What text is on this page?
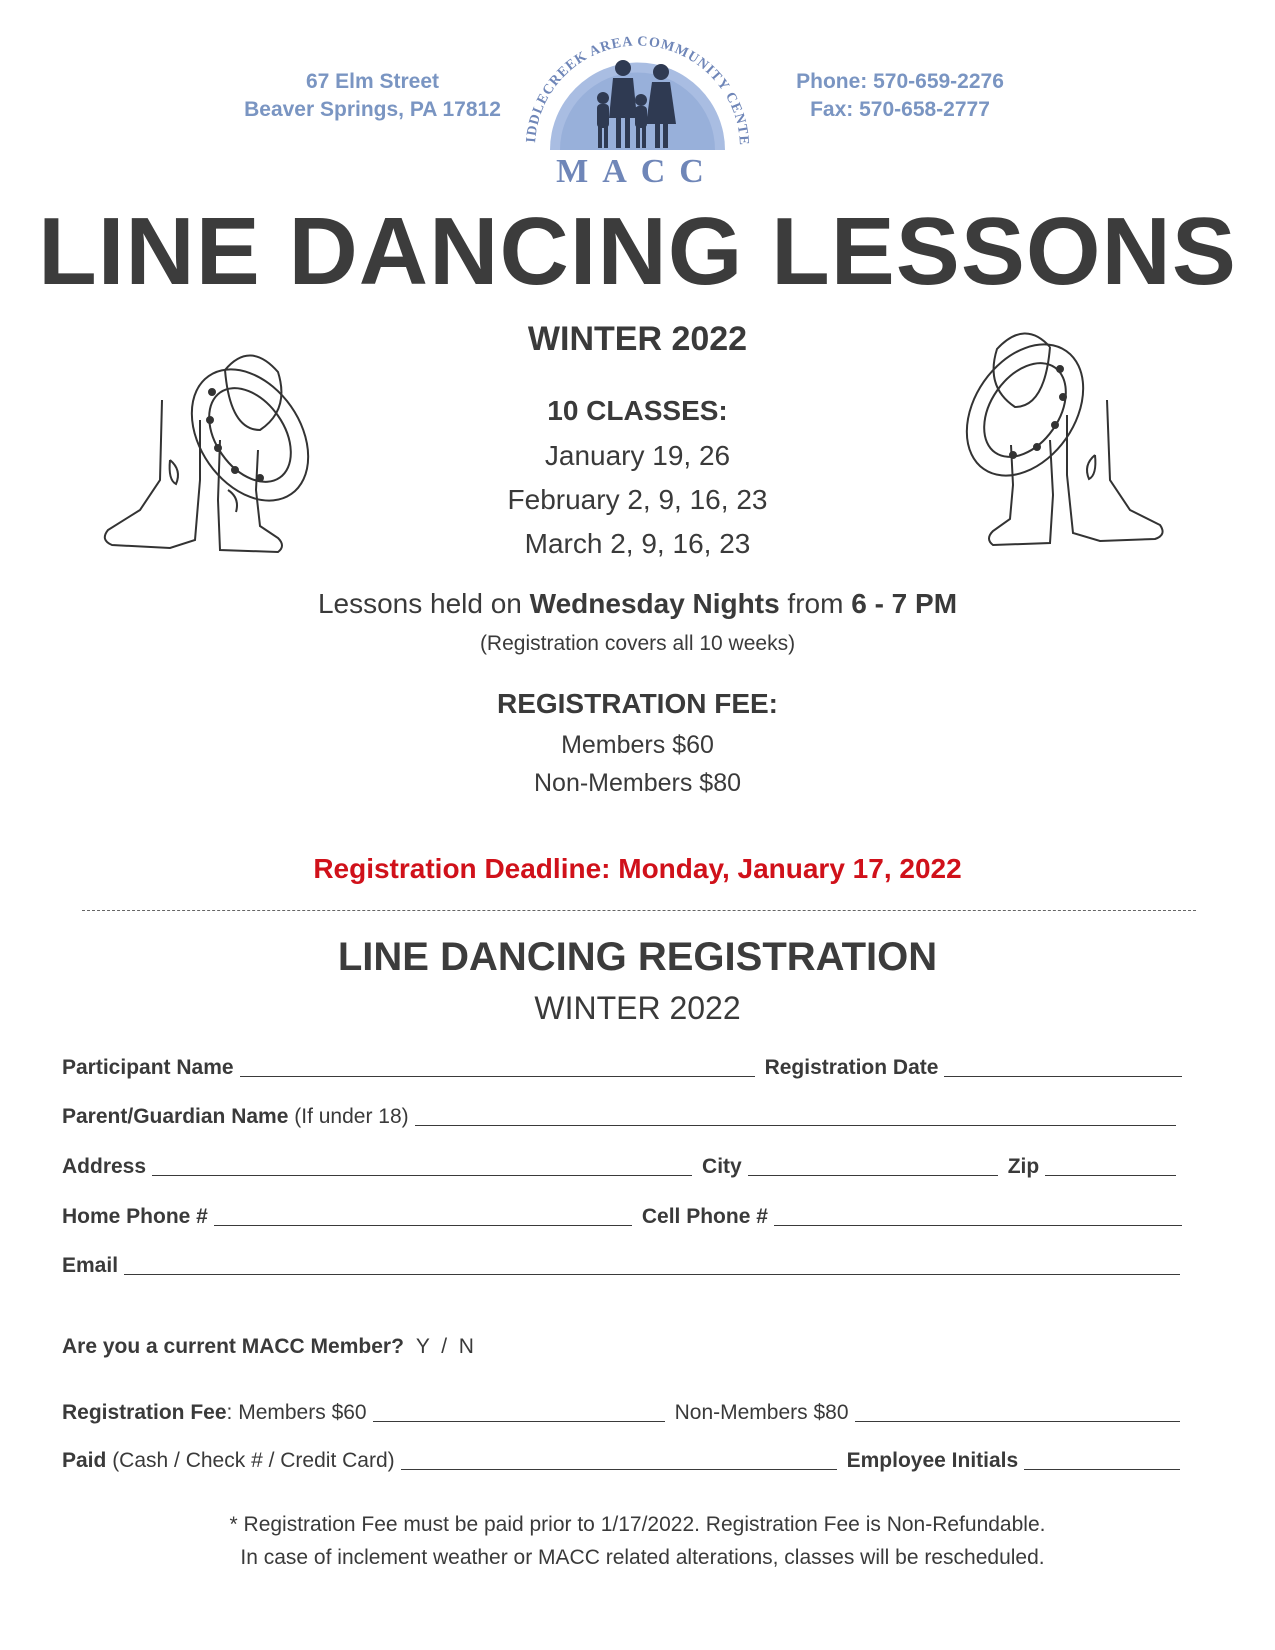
67 Elm Street
Beaver Springs, PA 17812
IDDLECREEK AREA COMMUNITY CENTE
MACC
Phone: 570-659-2276
Fax: 570-658-2777
LINE DANCING LESSONS
WINTER 2022
10 CLASSES:
January 19, 26
February 2, 9, 16, 23
March 2, 9, 16, 23
Lessons held on Wednesday Nights from 6 - 7 PM
(Registration covers all 10 weeks)
REGISTRATION FEE:
Members $60
Non-Members $80
Registration Deadline: Monday, January 17, 2022
LINE DANCING REGISTRATION
WINTER 2022
Participant Name	Registration Date
Parent/Guardian Name (If under 18)
Address	City	Zip
Home Phone #	Cell Phone #
Email
Are you a current MACC Member? Y  /  N
Registration Fee: Members $60	Non-Members $80
Paid (Cash / Check # / Credit Card)	Employee Initials
* Registration Fee must be paid prior to 1/17/2022. Registration Fee is Non-Refundable.
In case of inclement weather or MACC related alterations, classes will be rescheduled.
